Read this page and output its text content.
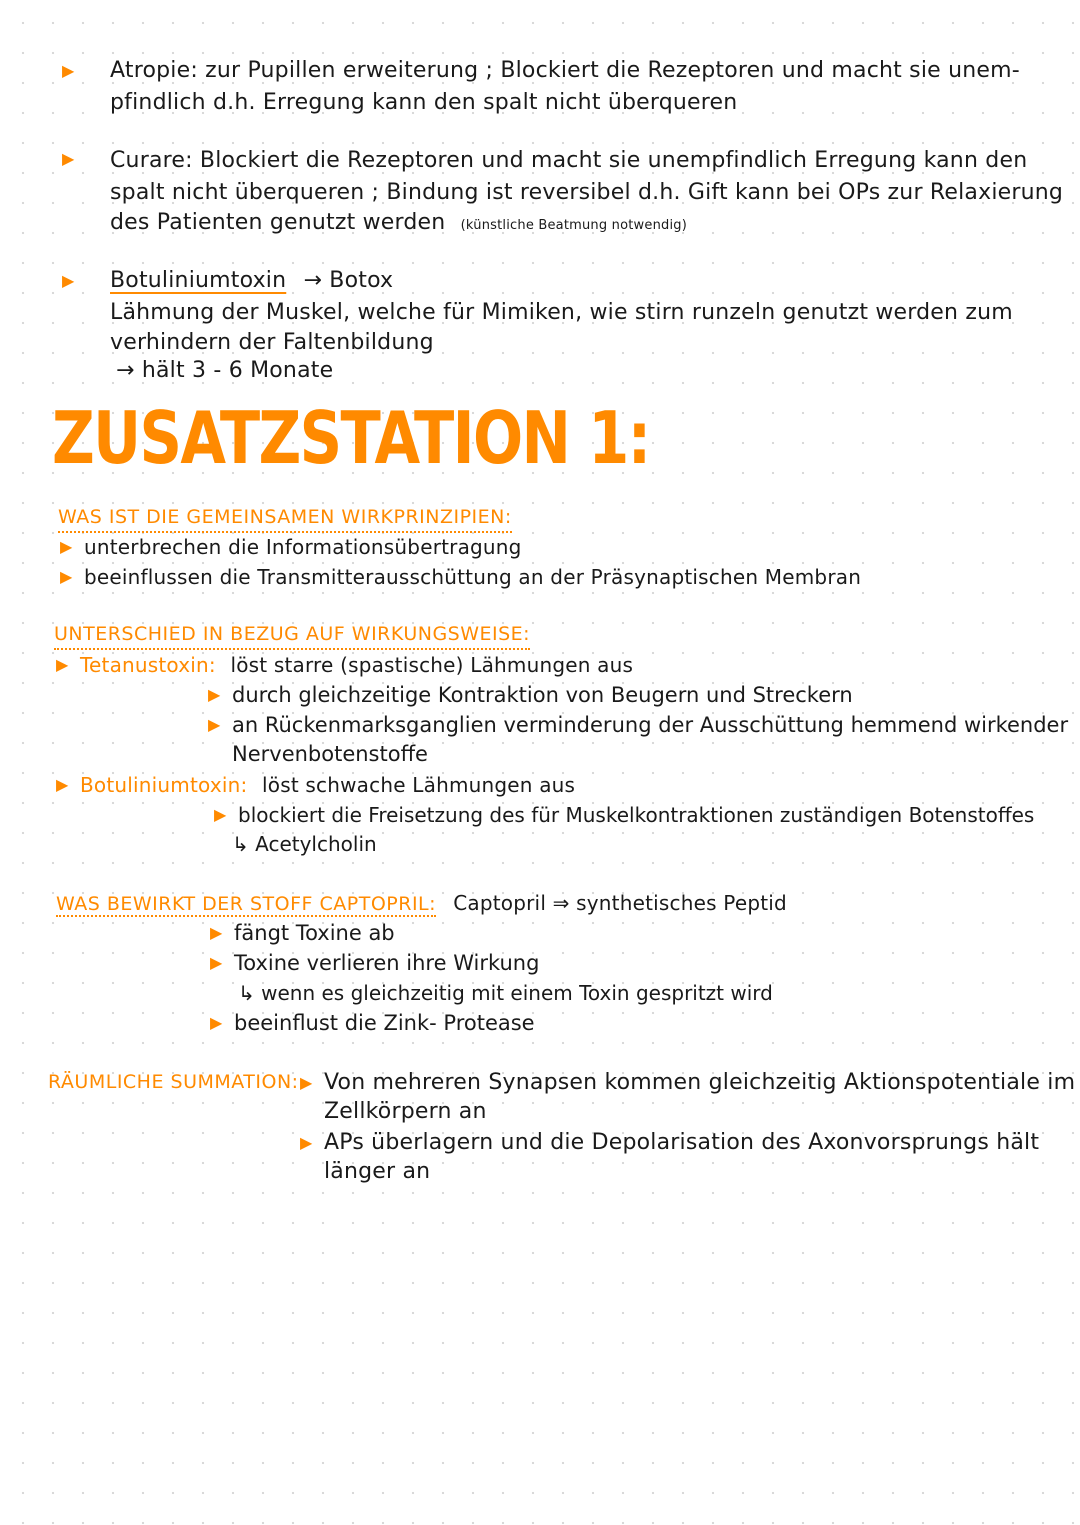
▶ Atropie: zur Pupillen erweiterung ; Blockiert die Rezeptoren und macht sie unem-
pfindlich d.h. Erregung kann den spalt nicht überqueren
▶ Curare: Blockiert die Rezeptoren und macht sie unempfindlich Erregung kann den
spalt nicht überqueren ; Bindung ist reversibel d.h. Gift kann bei OPs zur Relaxierung
des Patienten genutzt werden (künstliche Beatmung notwendig)
▶ Botuliniumtoxin → Botox
Lähmung der Muskel, welche für Mimiken, wie stirn runzeln genutzt werden zum
verhindern der Faltenbildung
→ hält 3 - 6 Monate
ZUSATZSTATION 1:
WAS IST DIE GEMEINSAMEN WIRKPRINZIPIEN:
▶ unterbrechen die Informationsübertragung
▶ beeinflussen die Transmitterausschüttung an der Präsynaptischen Membran
UNTERSCHIED IN BEZUG AUF WIRKUNGSWEISE:
▶ Tetanustoxin: löst starre (spastische) Lähmungen aus
▶ durch gleichzeitige Kontraktion von Beugern und Streckern
▶ an Rückenmarksganglien verminderung der Ausschüttung hemmend wirkender
Nervenbotenstoffe
▶ Botuliniumtoxin: löst schwache Lähmungen aus
▶ blockiert die Freisetzung des für Muskelkontraktionen zuständigen Botenstoffes
↳ Acetylcholin
WAS BEWIRKT DER STOFF CAPTOPRIL: Captopril ⇒ synthetisches Peptid
▶ fängt Toxine ab
▶ Toxine verlieren ihre Wirkung
↳ wenn es gleichzeitig mit einem Toxin gespritzt wird
▶ beeinflust die Zink- Protease
RÄUMLICHE SUMMATION: ▶ Von mehreren Synapsen kommen gleichzeitig Aktionspotentiale im
Zellkörpern an
▶ APs überlagern und die Depolarisation des Axonvorsprungs hält
länger an
